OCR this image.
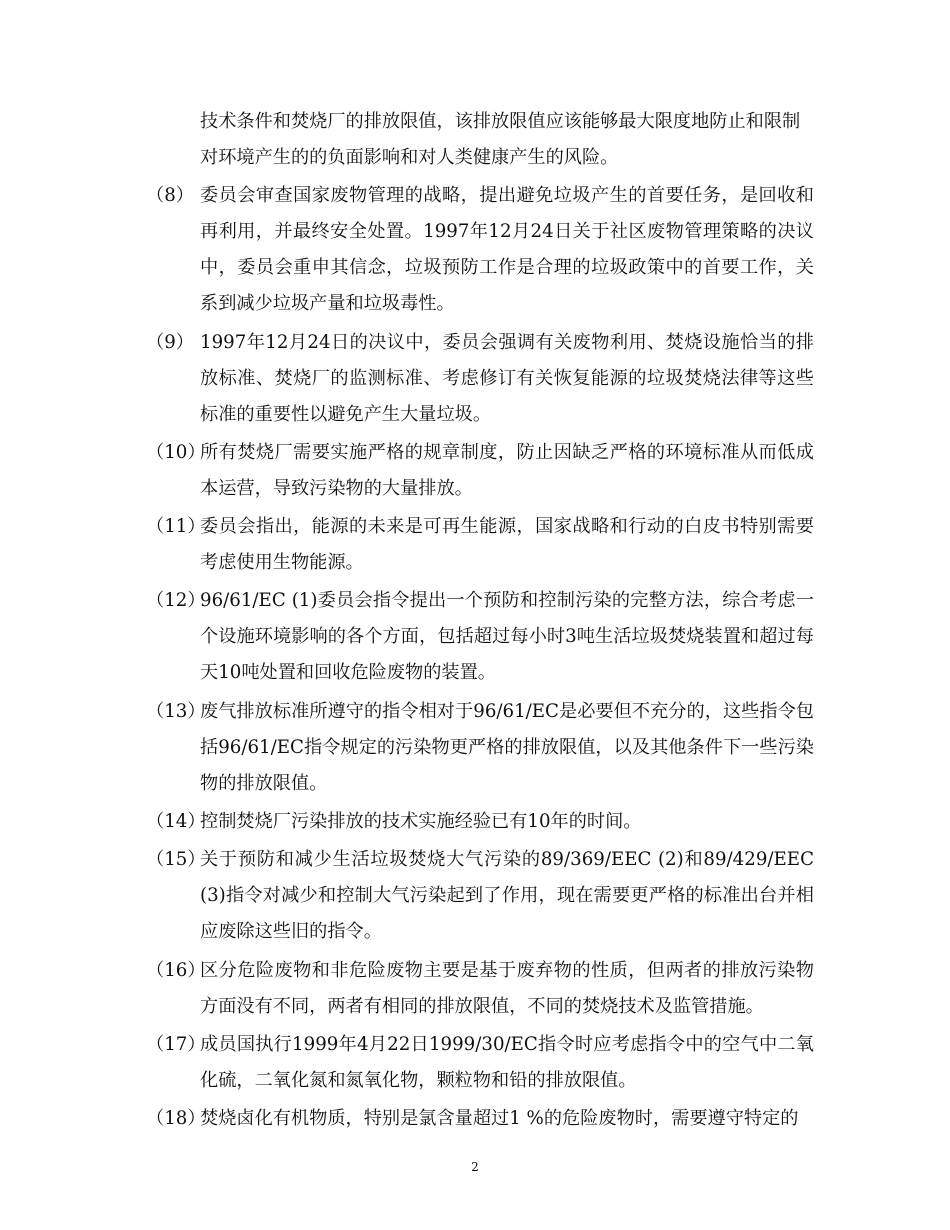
技术条件和焚烧厂的排放限值，该排放限值应该能够最大限度地防止和限制对环境产生的的负面影响和对人类健康产生的风险。

（8） 委员会审查国家废物管理的战略，提出避免垃圾产生的首要任务，是回收和再利用，并最终安全处置。1997年12月24日关于社区废物管理策略的决议中，委员会重申其信念，垃圾预防工作是合理的垃圾政策中的首要工作，关系到减少垃圾产量和垃圾毒性。
（9） 1997年12月24日的决议中，委员会强调有关废物利用、焚烧设施恰当的排放标准、焚烧厂的监测标准、考虑修订有关恢复能源的垃圾焚烧法律等这些标准的重要性以避免产生大量垃圾。
（10）
所有焚烧厂需要实施严格的规章制度，防止因缺乏严格的环境标准从而低成本运营，导致污染物的大量排放。
（11）
委员会指出，能源的未来是可再生能源，国家战略和行动的白皮书特别需要考虑使用生物能源。
（12）
96/61/EC (1)委员会指令提出一个预防和控制污染的完整方法，综合考虑一个设施环境影响的各个方面，包括超过每小时3吨生活垃圾焚烧装置和超过每天10吨处置和回收危险废物的装置。
（13）
废气排放标准所遵守的指令相对于96/61/EC是必要但不充分的，这些指令包括96/61/EC指令规定的污染物更严格的排放限值，以及其他条件下一些污染物的排放限值。
（14）
控制焚烧厂污染排放的技术实施经验已有10年的时间。
（15）
关于预防和减少生活垃圾焚烧大气污染的89/369/EEC (2)和89/429/EEC (3)指令对减少和控制大气污染起到了作用，现在需要更严格的标准出台并相应废除这些旧的指令。
（16）
区分危险废物和非危险废物主要是基于废弃物的性质，但两者的排放污染物方面没有不同，两者有相同的排放限值，不同的焚烧技术及监管措施。
（17）
成员国执行1999年4月22日1999/30/EC指令时应考虑指令中的空气中二氧化硫，二氧化氮和氮氧化物，颗粒物和铅的排放限值。
（18）
焚烧卤化有机物质，特别是氯含量超过1 %的危险废物时，需要遵守特定的
2
